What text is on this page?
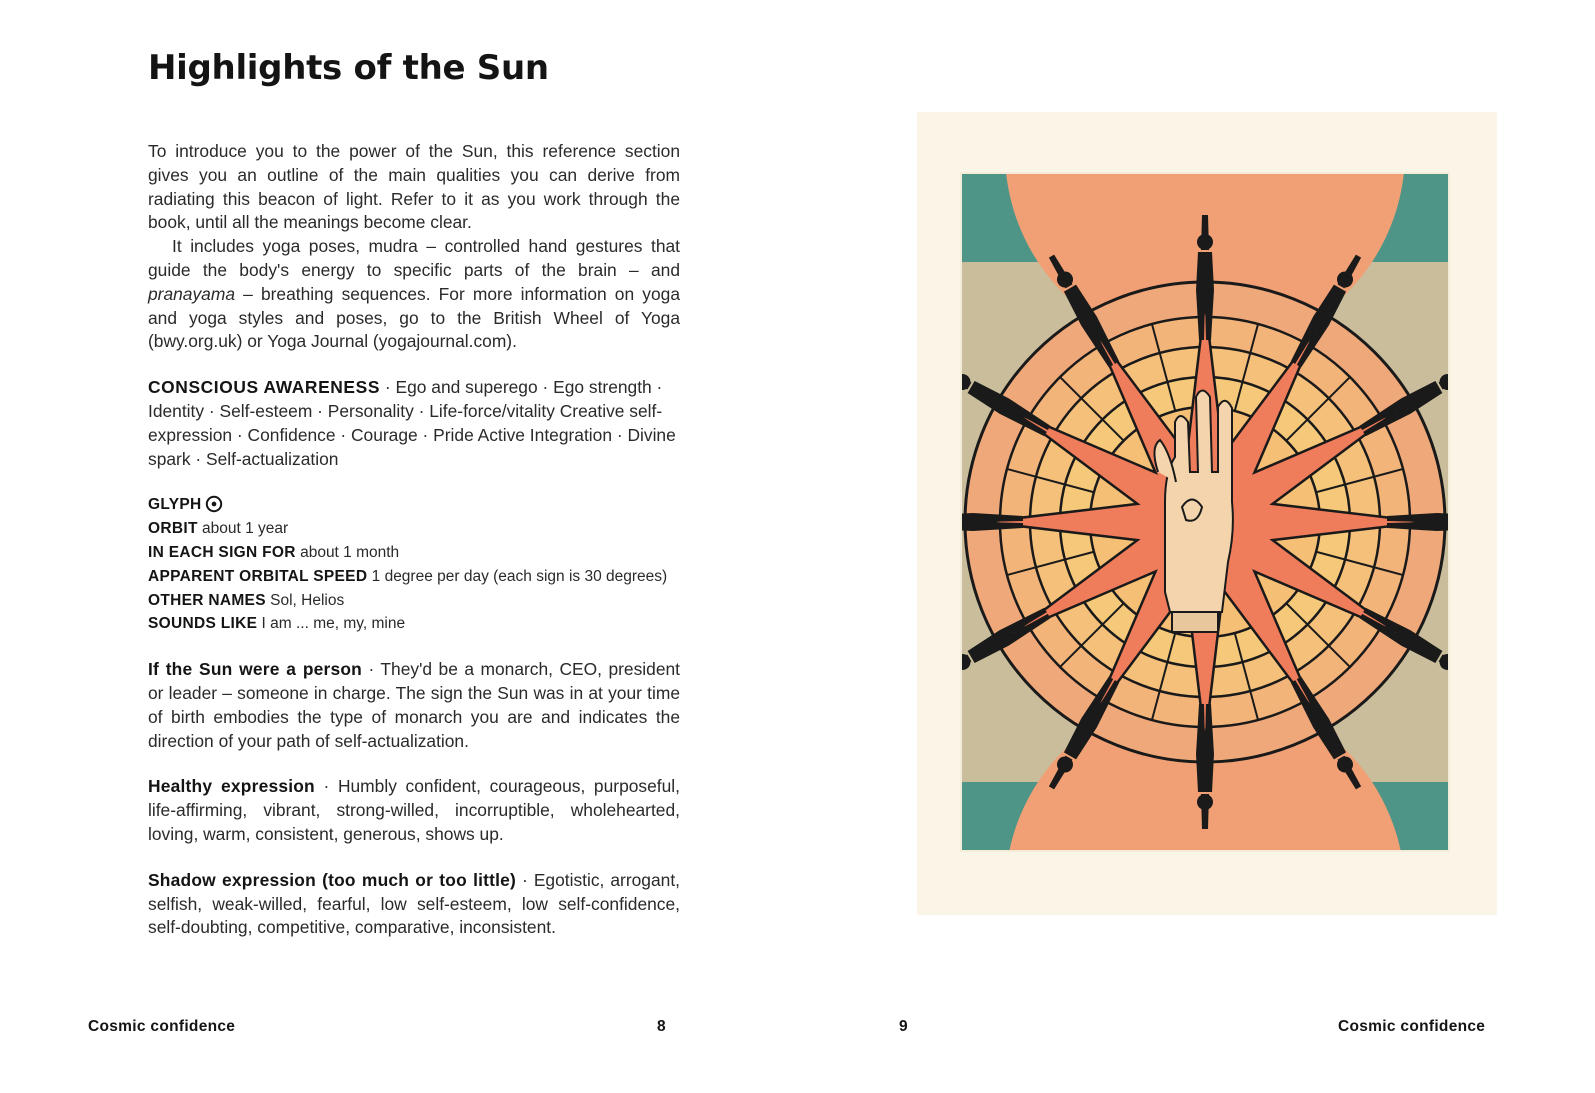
Highlights of the Sun

To introduce you to the power of the Sun, this reference section gives you an outline of the main qualities you can derive from radiating this beacon of light. Refer to it as you work through the book, until all the meanings become clear.

It includes yoga poses, mudra – controlled hand gestures that guide the body's energy to specific parts of the brain – and pranayama – breathing sequences. For more information on yoga and yoga styles and poses, go to the British Wheel of Yoga (bwy.org.uk) or Yoga Journal (yogajournal.com).

CONSCIOUS AWARENESS · Ego and superego · Ego strength · Identity · Self-esteem · Personality · Life-force/vitality Creative self-expression · Confidence · Courage · Pride Active Integration · Divine spark · Self-actualization

GLYPH
ORBIT about 1 year
IN EACH SIGN FOR about 1 month
APPARENT ORBITAL SPEED 1 degree per day (each sign is 30 degrees)
OTHER NAMES Sol, Helios
SOUNDS LIKE I am ... me, my, mine

If the Sun were a person · They'd be a monarch, CEO, president or leader – someone in charge. The sign the Sun was in at your time of birth embodies the type of monarch you are and indicates the direction of your path of self-actualization.

Healthy expression · Humbly confident, courageous, purposeful, life-affirming, vibrant, strong-willed, incorruptible, wholehearted, loving, warm, consistent, generous, shows up.

Shadow expression (too much or too little) · Egotistic, arrogant, selfish, weak-willed, fearful, low self-esteem, low self-confidence, self-doubting, competitive, comparative, inconsistent.

Cosmic confidence	8	9	Cosmic confidence
